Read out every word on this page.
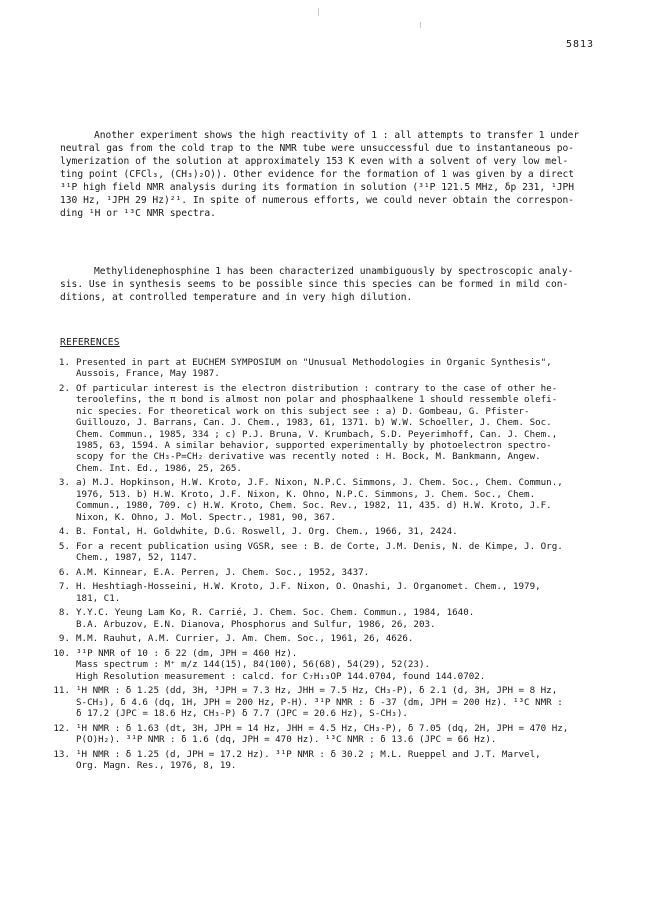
5813

Another experiment shows the high reactivity of 1 : all attempts to transfer 1 under
neutral gas from the cold trap to the NMR tube were unsuccessful due to instantaneous po-
lymerization of the solution at approximately 153 K even with a solvent of very low mel-
ting point (CFCl₃, (CH₃)₂O)). Other evidence for the formation of 1 was given by a direct
³¹P high field NMR analysis during its formation in solution (³¹P 121.5 MHz, δp 231, ¹JPH
130 Hz, ¹JPH 29 Hz)²¹. In spite of numerous efforts, we could never obtain the correspon-
ding ¹H or ¹³C NMR spectra.

Methylidenephosphine 1 has been characterized unambiguously by spectroscopic analy-
sis. Use in synthesis seems to be possible since this species can be formed in mild con-
ditions, at controlled temperature and in very high dilution.

REFERENCES
1. Presented in part at EUCHEM SYMPOSIUM on "Unusual Methodologies in Organic Synthesis",
Aussois, France, May 1987.
2. Of particular interest is the electron distribution : contrary to the case of other he-
teroolefins, the π bond is almost non polar and phosphaalkene 1 should ressemble olefi-
nic species. For theoretical work on this subject see : a) D. Gombeau, G. Pfister-
Guillouzo, J. Barrans, Can. J. Chem., 1983, 61, 1371. b) W.W. Schoeller, J. Chem. Soc.
Chem. Commun., 1985, 334 ; c) P.J. Bruna, V. Krumbach, S.D. Peyerimhoff, Can. J. Chem.,
1985, 63, 1594. A similar behavior, supported experimentally by photoelectron spectro-
scopy for the CH₃-P=CH₂ derivative was recently noted : H. Bock, M. Bankmann, Angew.
Chem. Int. Ed., 1986, 25, 265.
3. a) M.J. Hopkinson, H.W. Kroto, J.F. Nixon, N.P.C. Simmons, J. Chem. Soc., Chem. Commun.,
1976, 513. b) H.W. Kroto, J.F. Nixon, K. Ohno, N.P.C. Simmons, J. Chem. Soc., Chem.
Commun., 1980, 709. c) H.W. Kroto, Chem. Soc. Rev., 1982, 11, 435. d) H.W. Kroto, J.F.
Nixon, K. Ohno, J. Mol. Spectr., 1981, 90, 367.
4. B. Fontal, H. Goldwhite, D.G. Roswell, J. Org. Chem., 1966, 31, 2424.
5. For a recent publication using VGSR, see : B. de Corte, J.M. Denis, N. de Kimpe, J. Org.
Chem., 1987, 52, 1147.
6. A.M. Kinnear, E.A. Perren, J. Chem. Soc., 1952, 3437.
7. H. Heshtiagh-Hosseini, H.W. Kroto, J.F. Nixon, O. Onashi, J. Organomet. Chem., 1979,
181, C1.
8. Y.Y.C. Yeung Lam Ko, R. Carrié, J. Chem. Soc. Chem. Commun., 1984, 1640.
B.A. Arbuzov, E.N. Dianova, Phosphorus and Sulfur, 1986, 26, 203.
9. M.M. Rauhut, A.M. Currier, J. Am. Chem. Soc., 1961, 26, 4626.
10. ³¹P NMR of 10 : δ 22 (dm, JPH = 460 Hz).
Mass spectrum : M⁺ m/z 144(15), 84(100), 56(68), 54(29), 52(23).
High Resolution measurement : calcd. for C₇H₁₃OP 144.0704, found 144.0702.
11. ¹H NMR : δ 1.25 (dd, 3H, ³JPH = 7.3 Hz, JHH = 7.5 Hz, CH₃-P), δ 2.1 (d, 3H, JPH = 8 Hz,
S-CH₃), δ 4.6 (dq, 1H, JPH = 200 Hz, P-H). ³¹P NMR : δ -37 (dm, JPH = 200 Hz). ¹³C NMR :
δ 17.2 (JPC = 18.6 Hz, CH₃-P) δ 7.7 (JPC = 20.6 Hz), S-CH₃).
12. ¹H NMR : δ 1.63 (dt, 3H, JPH = 14 Hz, JHH = 4.5 Hz, CH₃-P), δ 7.05 (dq, 2H, JPH = 470 Hz,
P(O)H₂). ³¹P NMR : δ 1.6 (dq, JPH = 470 Hz). ¹³C NMR : δ 13.6 (JPC = 66 Hz).
13. ¹H NMR : δ 1.25 (d, JPH = 17.2 Hz). ³¹P NMR : δ 30.2 ; M.L. Rueppel and J.T. Marvel,
Org. Magn. Res., 1976, 8, 19.
